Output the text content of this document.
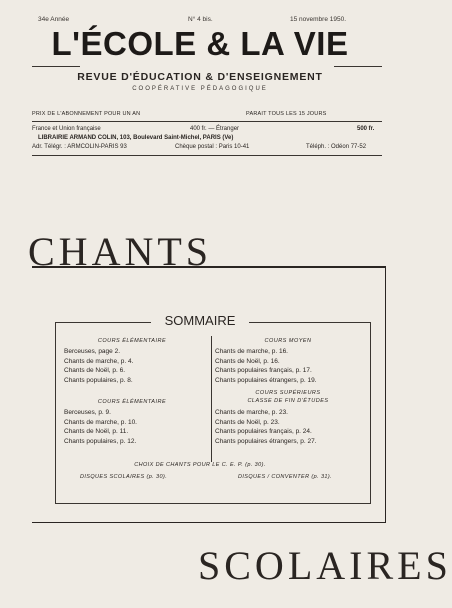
34e Année	N° 4 bis.	15 novembre 1950.
L'ÉCOLE & LA VIE
REVUE D'ÉDUCATION & D'ENSEIGNEMENT
COOPÉRATIVE PÉDAGOGIQUE
PRIX DE L'ABONNEMENT POUR UN AN	PARAIT TOUS LES 15 JOURS
France et Union française	400 fr. — Étranger	500 fr.
LIBRAIRIE ARMAND COLIN, 103, Boulevard Saint-Michel, PARIS (Ve)
Adr. Télégr. : ARMCOLIN-PARIS 93	Chèque postal : Paris 10-41	Téléph. : Odéon 77-52
CHANTS
SCOLAIRES
SOMMAIRE
COURS ÉLÉMENTAIRE
Berceuses, page 2.
Chants de marche, p. 4.
Chants de Noël, p. 6.
Chants populaires, p. 8.
COURS ÉLÉMENTAIRE
Berceuses, p. 9.
Chants de marche, p. 10.
Chants de Noël, p. 11.
Chants populaires, p. 12.
COURS MOYEN
Chants de marche, p. 16.
Chants de Noël, p. 16.
Chants populaires français, p. 17.
Chants populaires étrangers, p. 19.
COURS SUPÉRIEURS
CLASSE DE FIN D'ÉTUDES
Chants de marche, p. 23.
Chants de Noël, p. 23.
Chants populaires français, p. 24.
Chants populaires étrangers, p. 27.
CHOIX DE CHANTS POUR LE C. E. P. (p. 30).
DISQUES SCOLAIRES (p. 30).	DISQUES / CONVENTER (p. 31).
